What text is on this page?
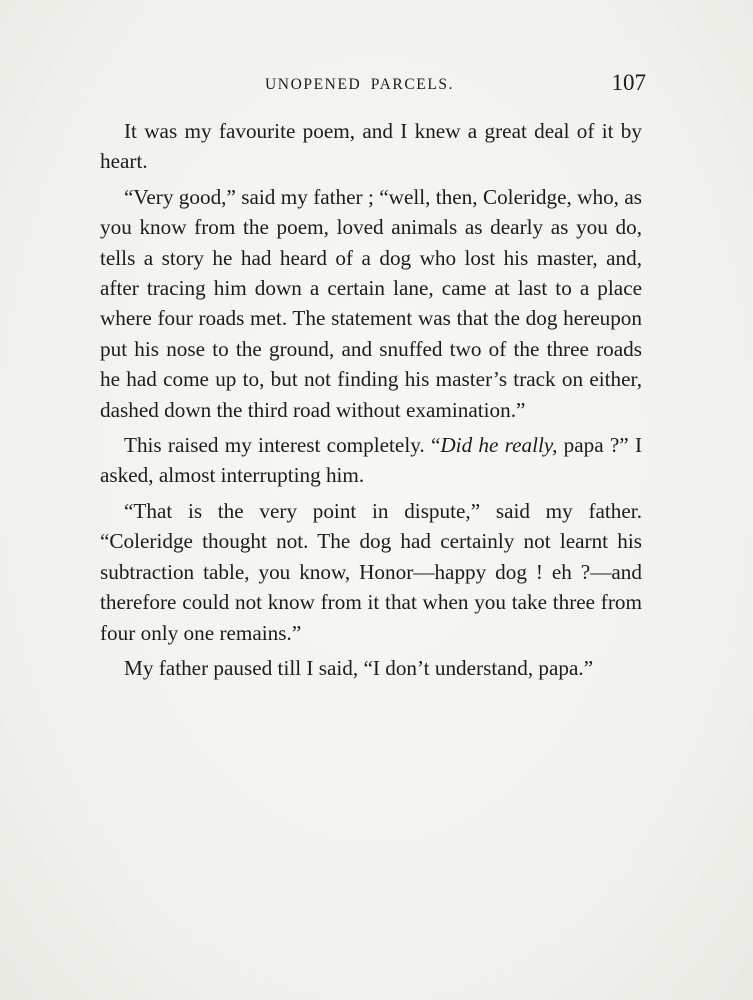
UNOPENED PARCELS.	107

It was my favourite poem, and I knew a great deal of it by heart.

“Very good,” said my father ; “well, then, Coleridge, who, as you know from the poem, loved animals as dearly as you do, tells a story he had heard of a dog who lost his master, and, after tracing him down a certain lane, came at last to a place where four roads met. The statement was that the dog hereupon put his nose to the ground, and snuffed two of the three roads he had come up to, but not finding his master’s track on either, dashed down the third road without examination.”

This raised my interest completely. “Did he really, papa ?” I asked, almost interrupting him.

“That is the very point in dispute,” said my father. “Coleridge thought not. The dog had certainly not learnt his subtraction table, you know, Honor—happy dog ! eh ?—and therefore could not know from it that when you take three from four only one remains.”

My father paused till I said, “I don’t understand, papa.”
